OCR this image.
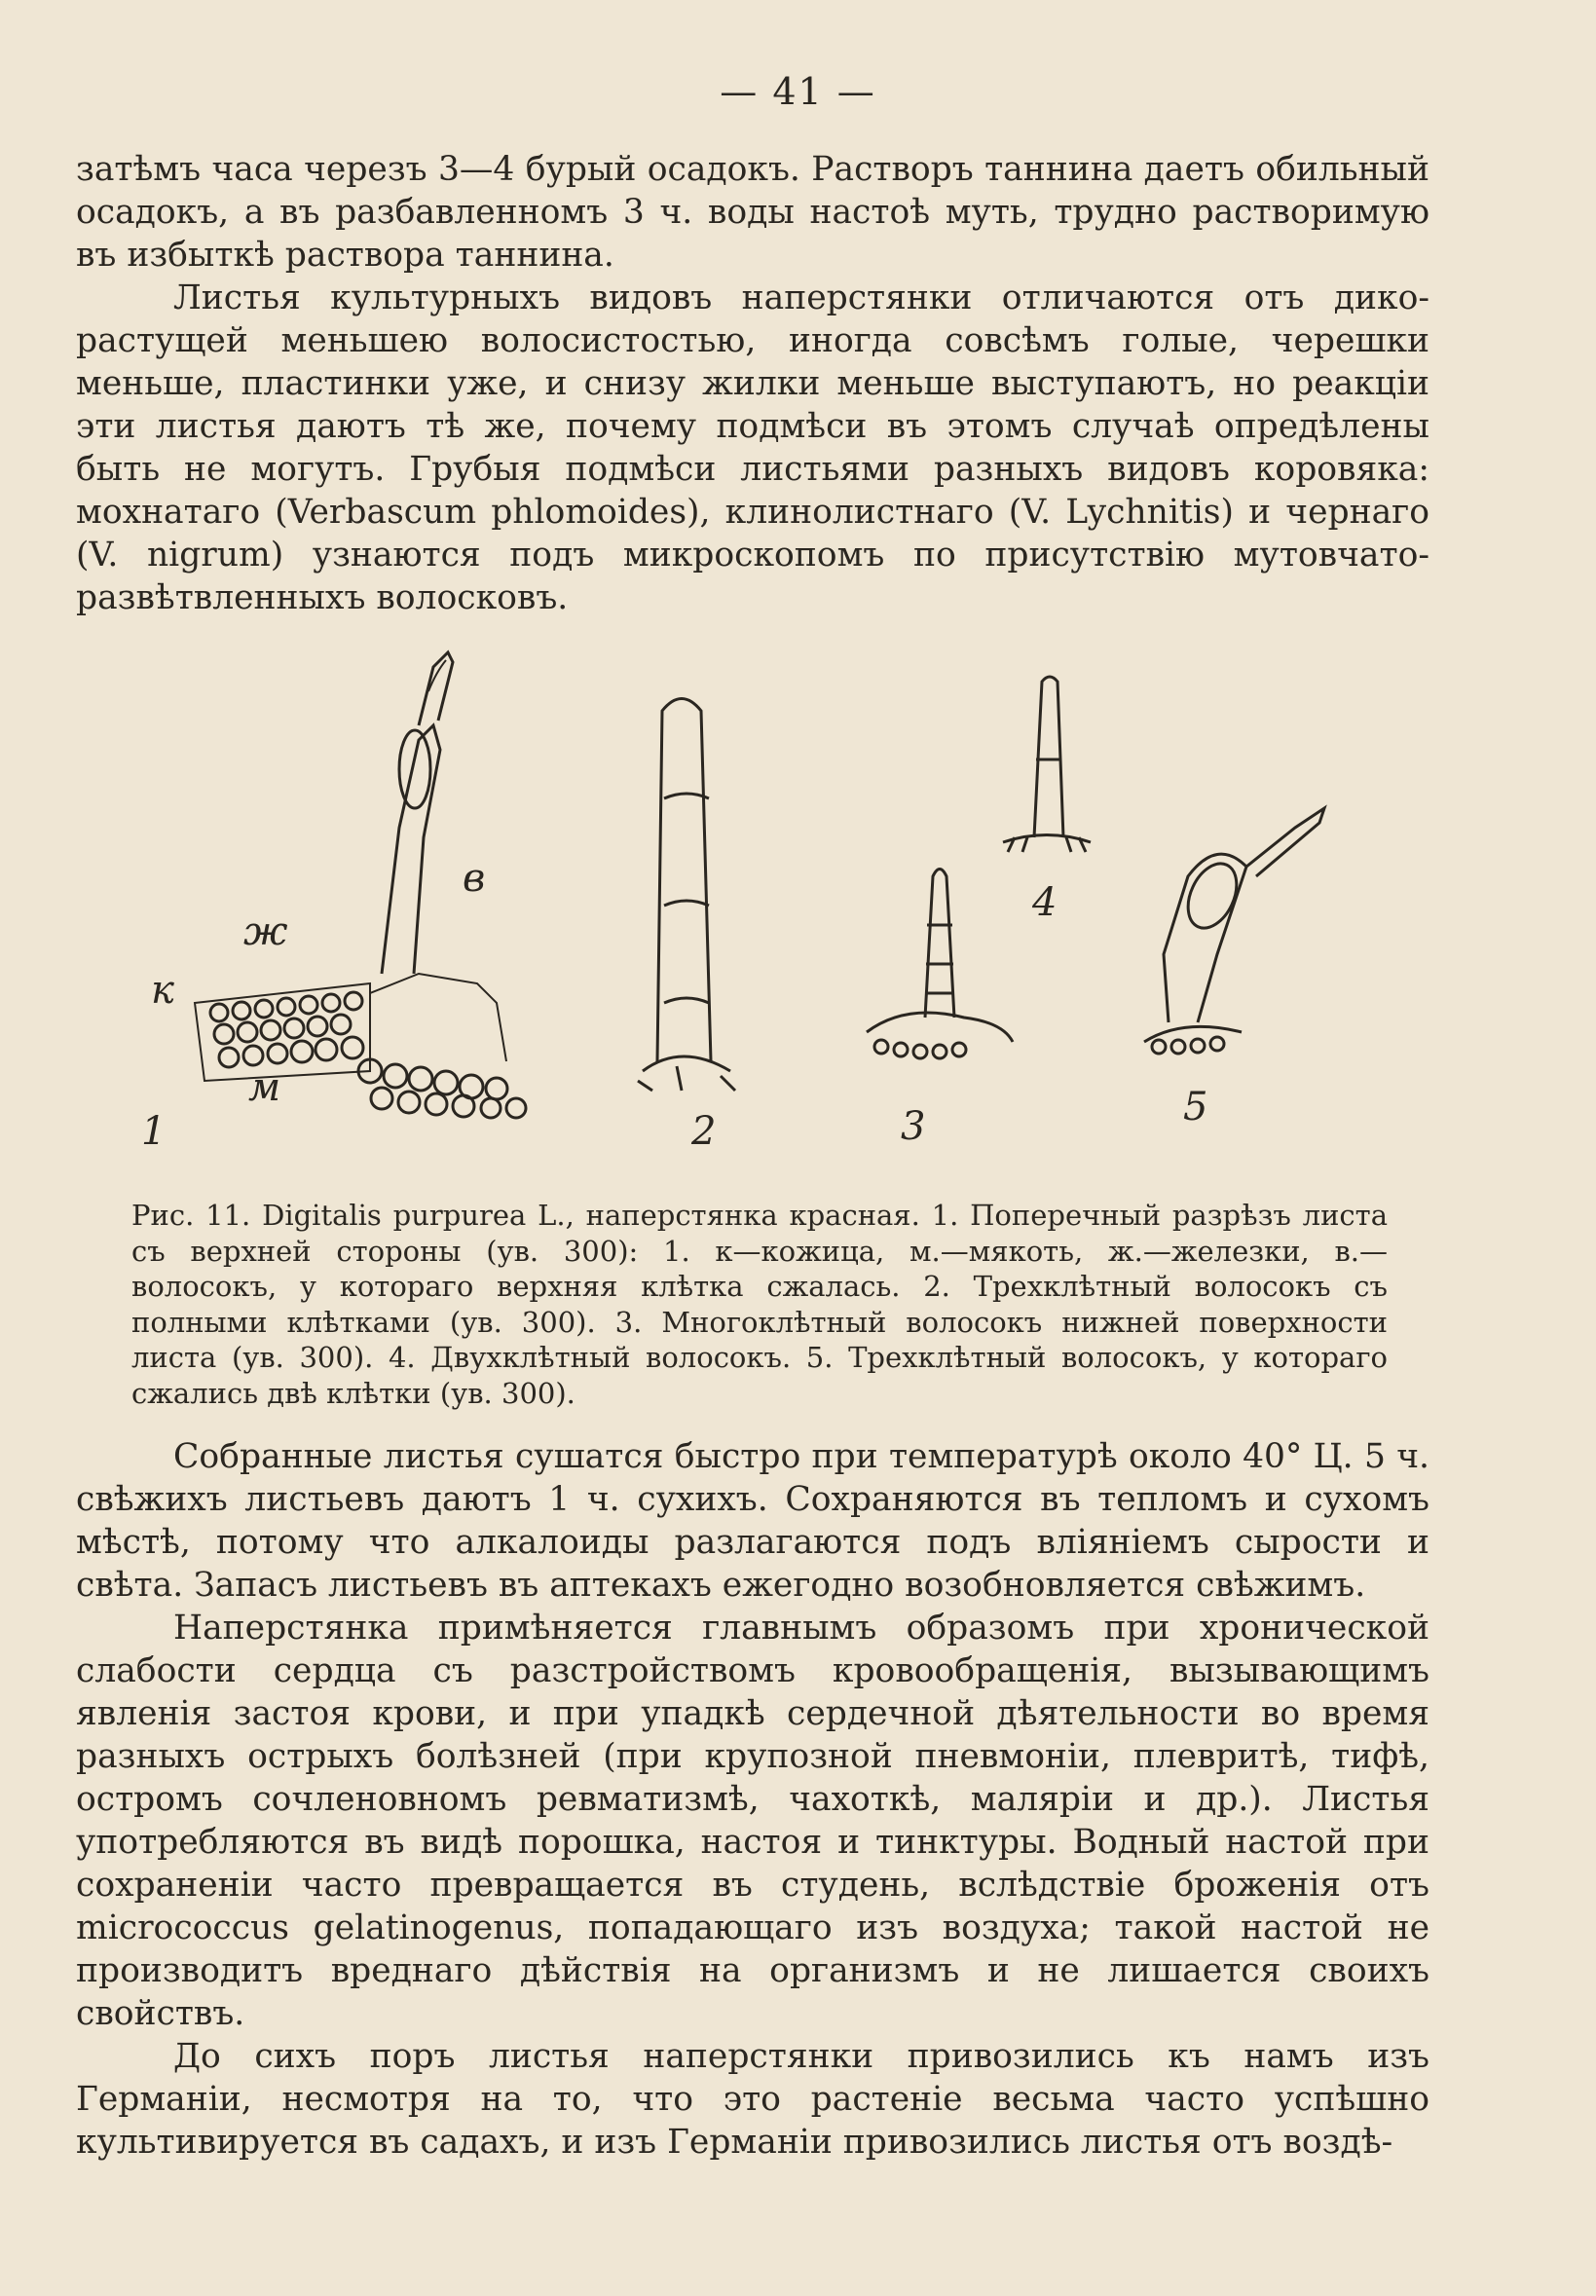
— 41 —

затѣмъ часа черезъ 3—4 бурый осадокъ. Растворъ таннина даетъ обильный осадокъ, а въ разбавленномъ 3 ч. воды настоѣ муть, трудно растворимую въ избыткѣ раствора таннина.

Листья культурныхъ видовъ наперстянки отличаются отъ дико-растущей меньшею волосистостью, иногда совсѣмъ голые, черешки меньше, пластинки уже, и снизу жилки меньше выступаютъ, но реакціи эти листья даютъ тѣ же, почему подмѣси въ этомъ случаѣ опредѣлены быть не могутъ. Грубыя подмѣси листьями разныхъ видовъ коровяка: мохнатаго (Verbascum phlomoides), клинолистнаго (V. Lychnitis) и чернаго (V. nigrum) узнаются подъ микроскопомъ по присутствію мутовчато-развѣтвленныхъ волосковъ.

к
ж
м
в
1	2	3
4
5

Рис. 11. Digitalis purpurea L., наперстянка красная. 1. Поперечный разрѣзъ листа съ верхней стороны (ув. 300): 1. к—кожица, м.—мякоть, ж.—железки, в.—волосокъ, у котораго верхняя клѣтка сжалась. 2. Трехклѣтный волосокъ съ полными клѣтками (ув. 300). 3. Многоклѣтный волосокъ нижней поверхности листа (ув. 300). 4. Двухклѣтный волосокъ. 5. Трехклѣтный волосокъ, у котораго сжались двѣ клѣтки (ув. 300).

Собранные листья сушатся быстро при температурѣ около 40° Ц. 5 ч. свѣжихъ листьевъ даютъ 1 ч. сухихъ. Сохраняются въ тепломъ и сухомъ мѣстѣ, потому что алкалоиды разлагаются подъ вліяніемъ сырости и свѣта. Запасъ листьевъ въ аптекахъ ежегодно возобновляется свѣжимъ.

Наперстянка примѣняется главнымъ образомъ при хронической слабости сердца съ разстройствомъ кровообращенія, вызывающимъ явленія застоя крови, и при упадкѣ сердечной дѣятельности во время разныхъ острыхъ болѣзней (при крупозной пневмоніи, плевритѣ, тифѣ, остромъ сочленовномъ ревматизмѣ, чахоткѣ, маляріи и др.). Листья употребляются въ видѣ порошка, настоя и тинктуры. Водный настой при сохраненіи часто превращается въ студень, вслѣдствіе броженія отъ micrococcus gelatinogenus, попадающаго изъ воздуха; такой настой не производитъ вреднаго дѣйствія на организмъ и не лишается своихъ свойствъ.

До сихъ поръ листья наперстянки привозились къ намъ изъ Германіи, несмотря на то, что это растеніе весьма часто успѣшно культивируется въ садахъ, и изъ Германіи привозились листья отъ воздѣ-
